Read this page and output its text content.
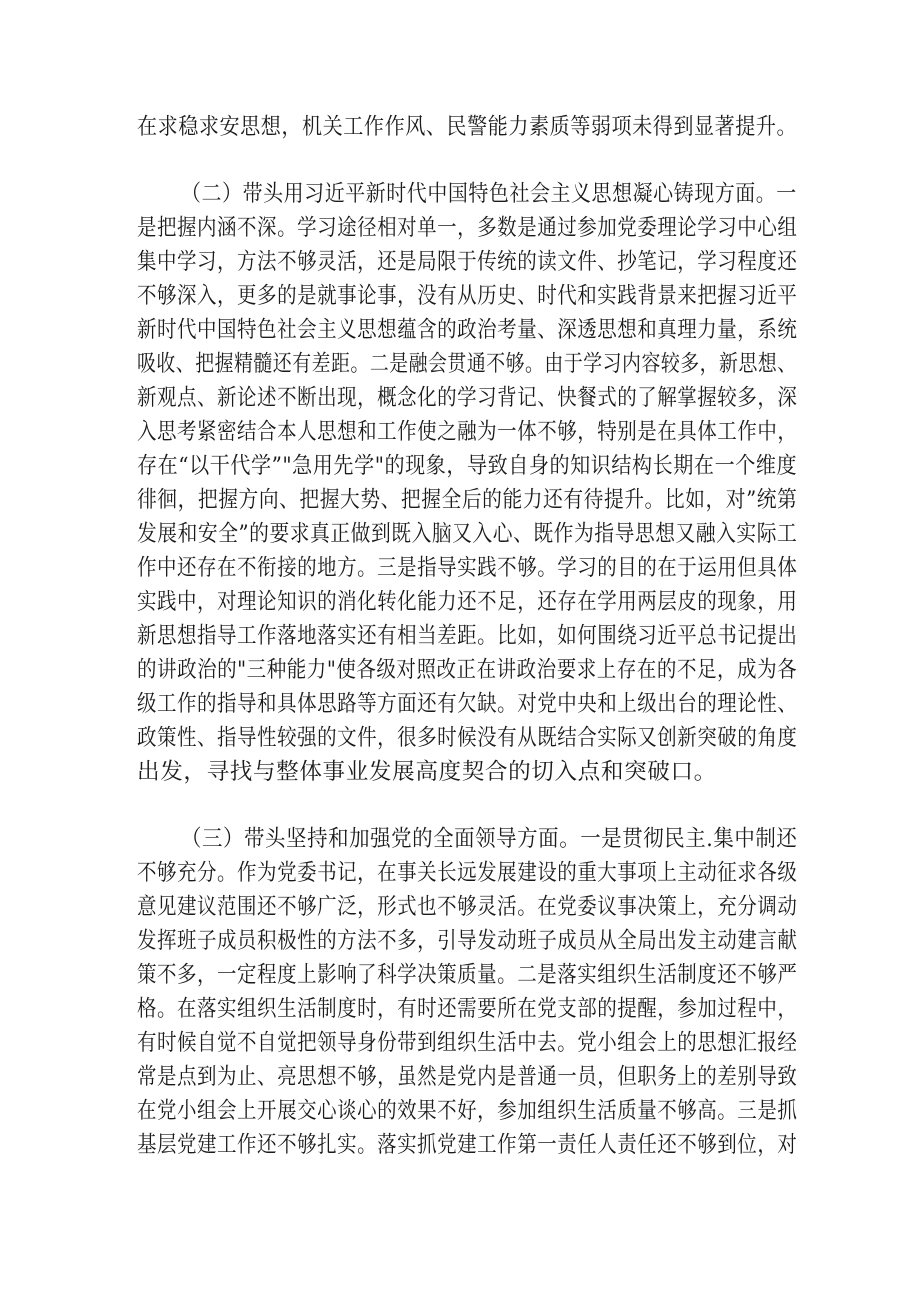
在求稳求安思想，机关工作作风、民警能力素质等弱项未得到显著提升。
（二）带头用习近平新时代中国特色社会主义思想凝心铸现方面。一
是把握内涵不深。学习途径相对单一，多数是通过参加党委理论学习中心组
集中学习，方法不够灵活，还是局限于传统的读文件、抄笔记，学习程度还
不够深入，更多的是就事论事，没有从历史、时代和实践背景来把握习近平
新时代中国特色社会主义思想蕴含的政治考量、深透思想和真理力量，系统
吸收、把握精髓还有差距。二是融会贯通不够。由于学习内容较多，新思想、
新观点、新论述不断出现，概念化的学习背记、快餐式的了解掌握较多，深
入思考紧密结合本人思想和工作使之融为一体不够，特别是在具体工作中，
存在“以干代学”"急用先学"的现象，导致自身的知识结构长期在一个维度
徘徊，把握方向、把握大势、把握全后的能力还有待提升。比如，对”统第
发展和安全”的要求真正做到既入脑又入心、既作为指导思想又融入实际工
作中还存在不衔接的地方。三是指导实践不够。学习的目的在于运用但具体
实践中，对理论知识的消化转化能力还不足，还存在学用两层皮的现象，用
新思想指导工作落地落实还有相当差距。比如，如何围绕习近平总书记提出
的讲政治的"三种能力"使各级对照改正在讲政治要求上存在的不足，成为各
级工作的指导和具体思路等方面还有欠缺。对党中央和上级出台的理论性、
政策性、指导性较强的文件，很多时候没有从既结合实际又创新突破的角度
出发，寻找与整体事业发展高度契合的切入点和突破口。
（三）带头坚持和加强党的全面领导方面。一是贯彻民主.集中制还
不够充分。作为党委书记，在事关长远发展建设的重大事项上主动征求各级
意见建议范围还不够广泛，形式也不够灵活。在党委议事决策上，充分调动
发挥班子成员积极性的方法不多，引导发动班子成员从全局出发主动建言献
策不多，一定程度上影响了科学决策质量。二是落实组织生活制度还不够严
格。在落实组织生活制度时，有时还需要所在党支部的提醒，参加过程中，
有时候自觉不自觉把领导身份带到组织生活中去。党小组会上的思想汇报经
常是点到为止、亮思想不够，虽然是党内是普通一员，但职务上的差别导致
在党小组会上开展交心谈心的效果不好，参加组织生活质量不够高。三是抓
基层党建工作还不够扎实。落实抓党建工作第一责任人责任还不够到位，对
